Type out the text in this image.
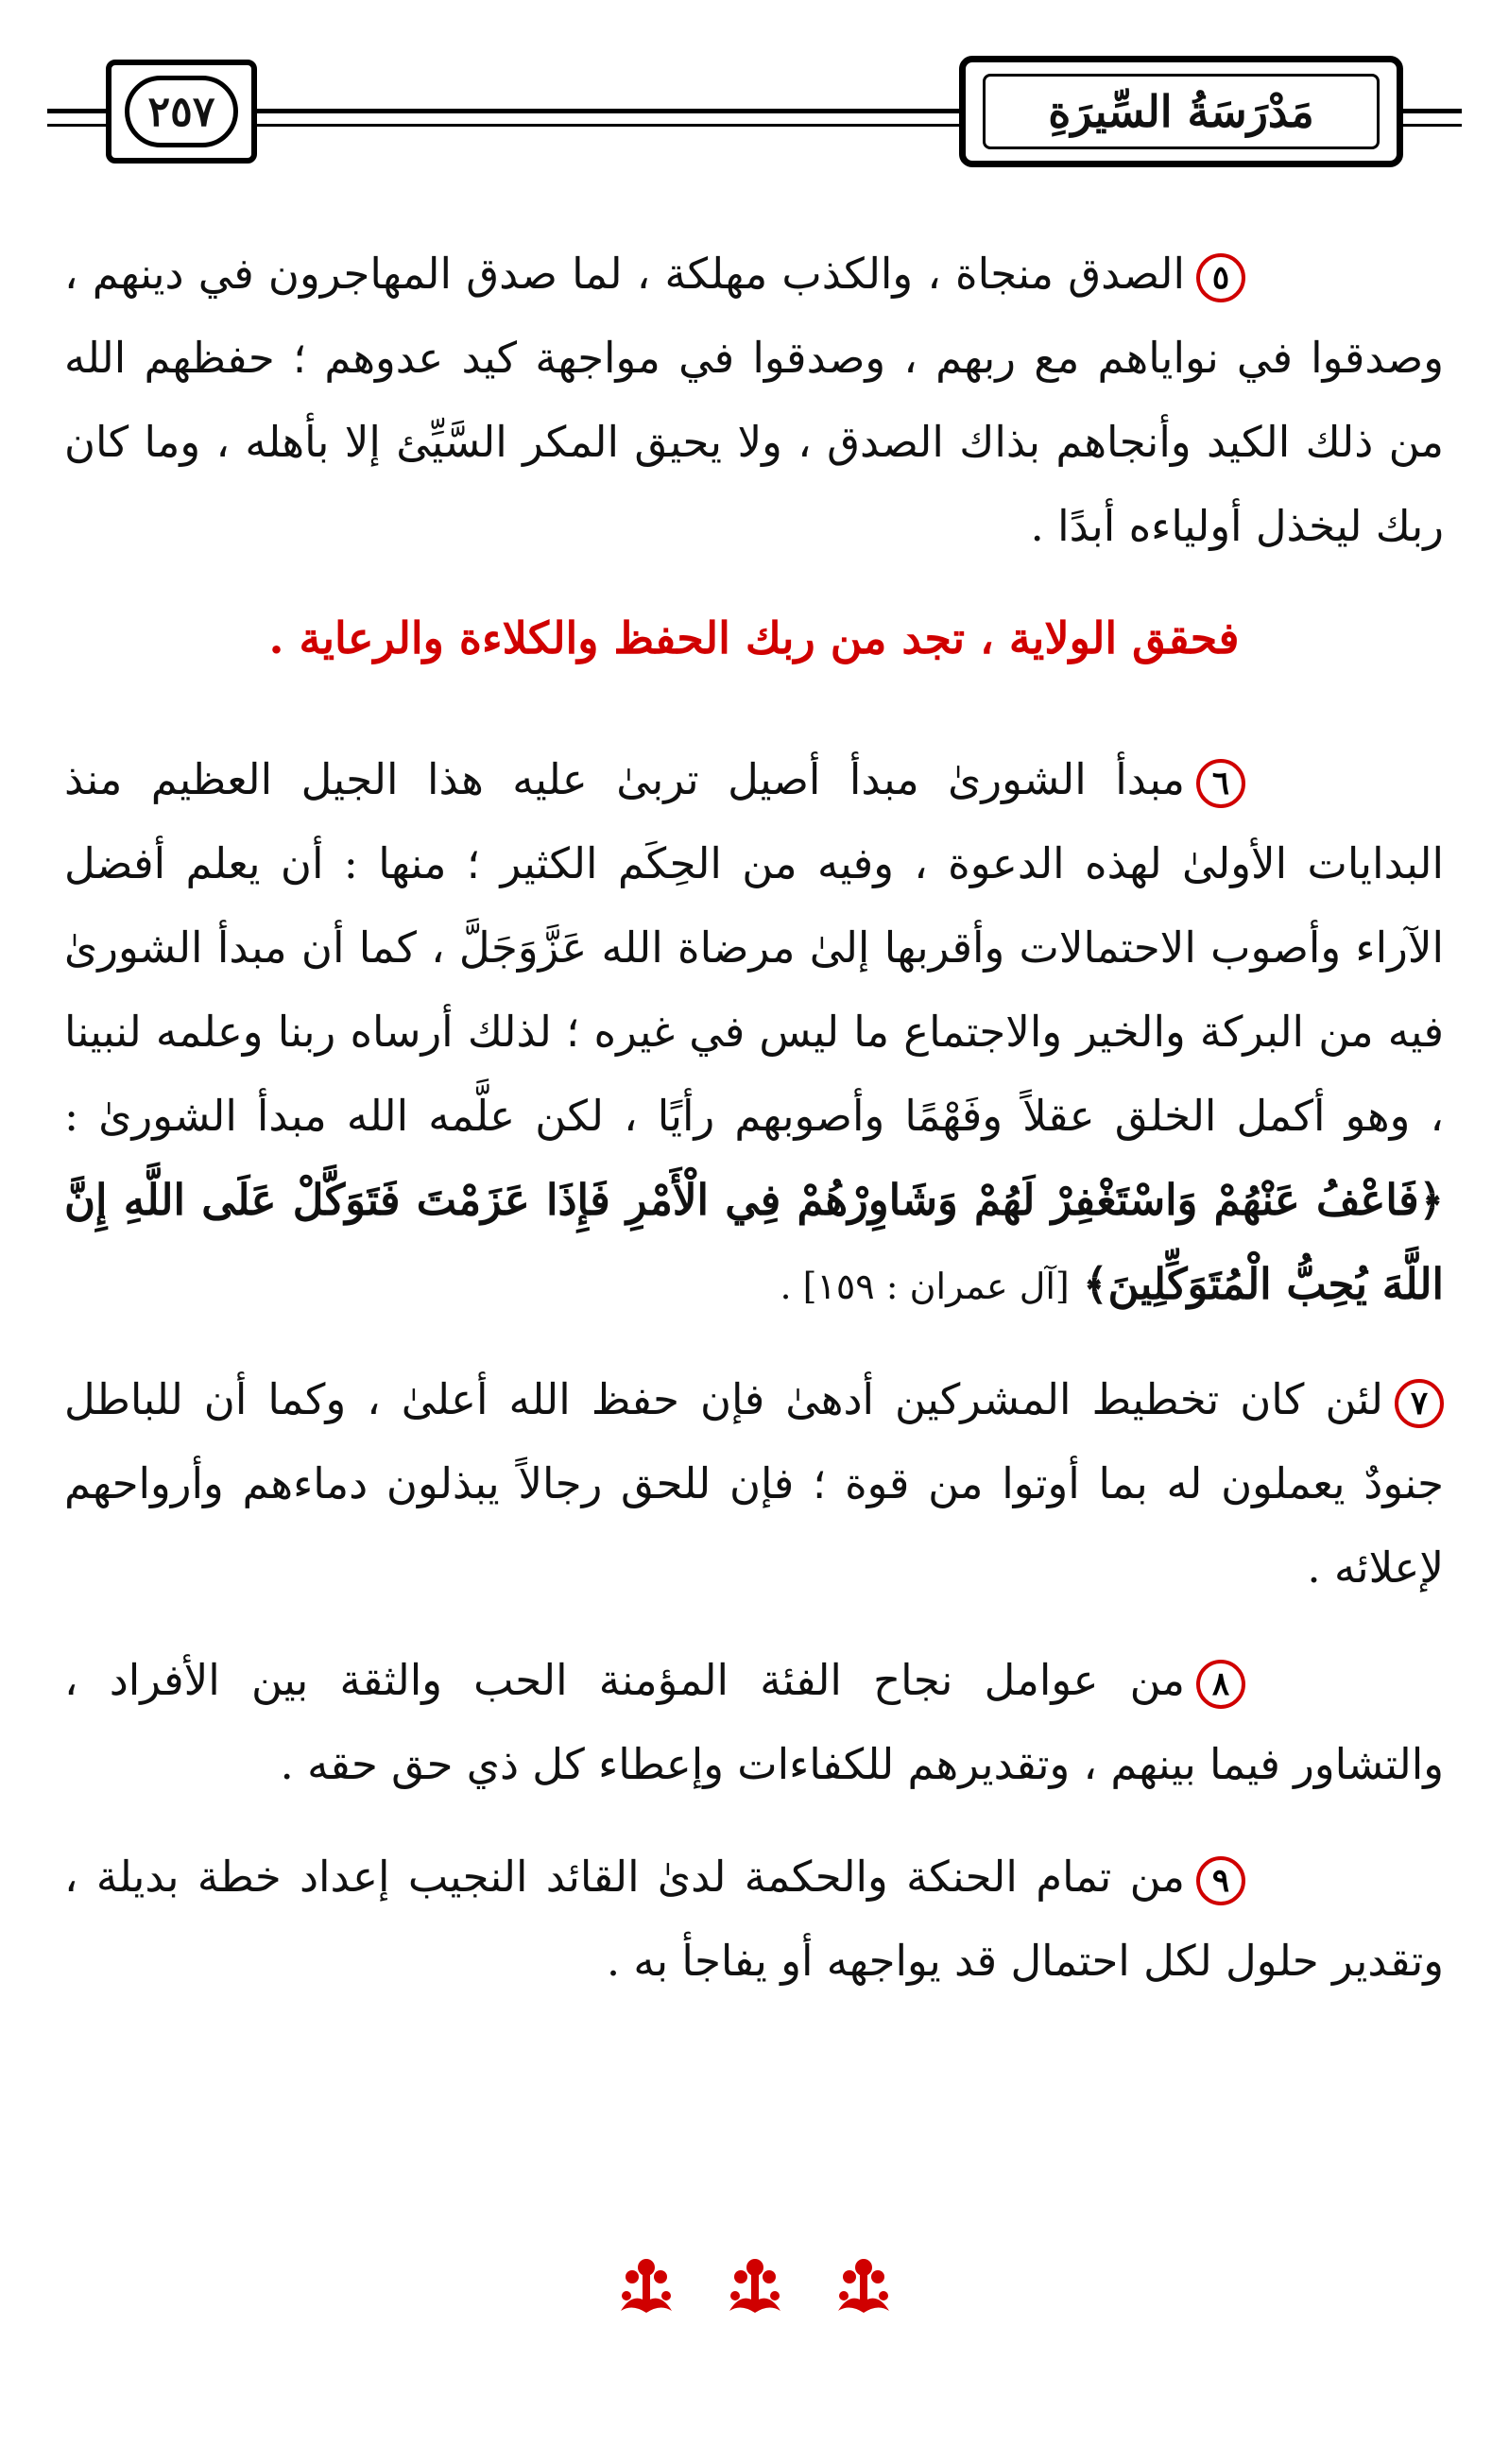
٢٥٧	مَدْرَسَةُ السِّيرَةِ

٥الصدق منجاة ، والكذب مهلكة ، لما صدق المهاجرون في دينهم ، وصدقوا في نواياهم مع ربهم ، وصدقوا في مواجهة كيد عدوهم ؛ حفظهم الله من ذلك الكيد وأنجاهم بذاك الصدق ، ولا يحيق المكر السَّيِّئ إلا بأهله ، وما كان ربك ليخذل أولياءه أبدًا .

فحقق الولاية ، تجد من ربك الحفظ والكلاءة والرعاية .

٦مبدأ الشورىٰ مبدأ أصيل تربىٰ عليه هذا الجيل العظيم منذ البدايات الأولىٰ لهذه الدعوة ، وفيه من الحِكَم الكثير ؛ منها : أن يعلم أفضل الآراء وأصوب الاحتمالات وأقربها إلىٰ مرضاة الله عَزَّوَجَلَّ ، كما أن مبدأ الشورىٰ فيه من البركة والخير والاجتماع ما ليس في غيره ؛ لذلك أرساه ربنا وعلمه لنبينا ، وهو أكمل الخلق عقلاً وفَهْمًا وأصوبهم رأيًا ، لكن علَّمه الله مبدأ الشورىٰ : ﴿فَاعْفُ عَنْهُمْ وَاسْتَغْفِرْ لَهُمْ وَشَاوِرْهُمْ فِي الْأَمْرِ فَإِذَا عَزَمْتَ فَتَوَكَّلْ عَلَى اللَّهِ إِنَّ اللَّهَ يُحِبُّ الْمُتَوَكِّلِينَ﴾ [آل عمران : ١٥٩] .

٧لئن كان تخطيط المشركين أدهىٰ فإن حفظ الله أعلىٰ ، وكما أن للباطل جنودٌ يعملون له بما أوتوا من قوة ؛ فإن للحق رجالاً يبذلون دماءهم وأرواحهم لإعلائه .

٨من عوامل نجاح الفئة المؤمنة الحب والثقة بين الأفراد ، والتشاور فيما بينهم ، وتقديرهم للكفاءات وإعطاء كل ذي حق حقه .

٩من تمام الحنكة والحكمة لدىٰ القائد النجيب إعداد خطة بديلة ، وتقدير حلول لكل احتمال قد يواجهه أو يفاجأ به .
